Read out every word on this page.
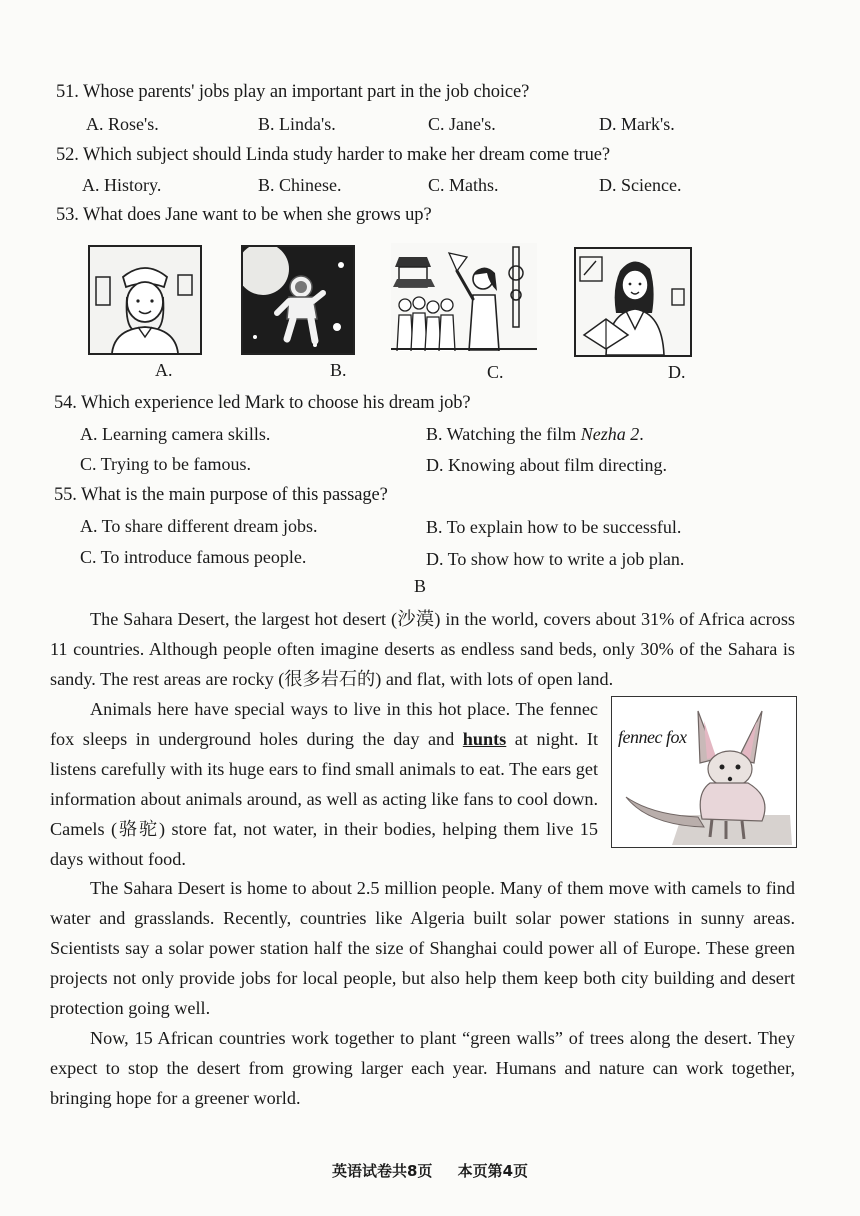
51. Whose parents' jobs play an important part in the job choice?
A. Rose's.	B. Linda's.	C. Jane's.	D. Mark's.
52. Which subject should Linda study harder to make her dream come true?
A. History.	B. Chinese.	C. Maths.	D. Science.
53. What does Jane want to be when she grows up?
A.	B.	C.	D.
54. Which experience led Mark to choose his dream job?
A. Learning camera skills.	B. Watching the film Nezha 2.
C. Trying to be famous.	D. Knowing about film directing.
55. What is the main purpose of this passage?
A. To share different dream jobs.	B. To explain how to be successful.
C. To introduce famous people.	D. To show how to write a job plan.
B

The Sahara Desert, the largest hot desert (沙漠) in the world, covers about 31% of Africa across 11 countries. Although people often imagine deserts as endless sand beds, only 30% of the Sahara is sandy. The rest areas are rocky (很多岩石的) and flat, with lots of open land.

Animals here have special ways to live in this hot place. The fennec fox sleeps in underground holes during the day and hunts at night. It listens carefully with its huge ears to find small animals to eat. The ears get information about animals around, as well as acting like fans to cool down. Camels (骆驼) store fat, not water, in their bodies, helping them live 15 days without food.

fennec fox

The Sahara Desert is home to about 2.5 million people. Many of them move with camels to find water and grasslands. Recently, countries like Algeria built solar power stations in sunny areas. Scientists say a solar power station half the size of Shanghai could power all of Europe. These green projects not only provide jobs for local people, but also help them keep both city building and desert protection going well.

Now, 15 African countries work together to plant “green walls” of trees along the desert. They expect to stop the desert from growing larger each year. Humans and nature can work together, bringing hope for a greener world.

英语试卷共8页 本页第4页
